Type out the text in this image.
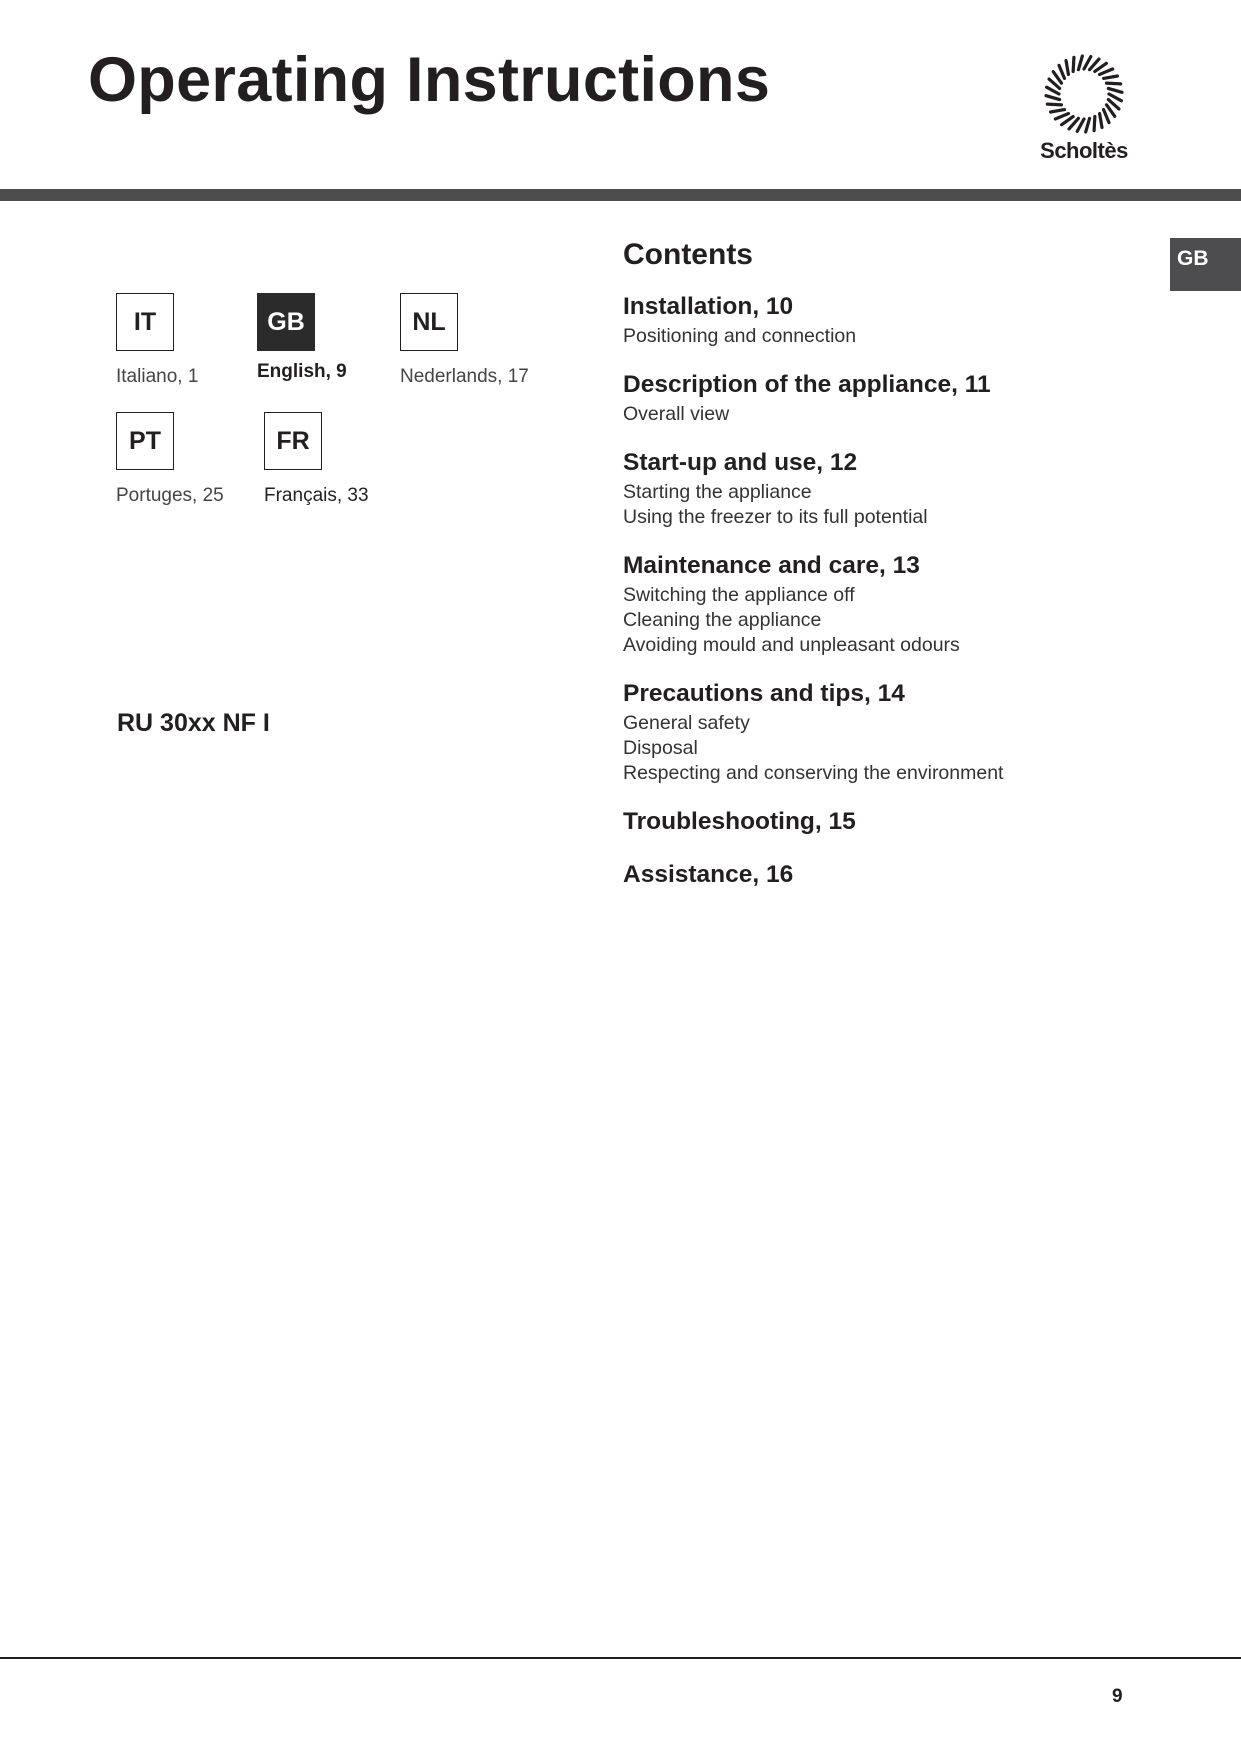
Operating Instructions
Scholtès
GB
IT
Italiano, 1
GB
English, 9
NL
Nederlands, 17
PT
Portuges, 25
FR
Français, 33
RU 30xx NF I
Contents
Installation, 10
Positioning and connection
Description of the appliance, 11
Overall view
Start-up and use, 12
Starting the appliance
Using the freezer to its full potential
Maintenance and care, 13
Switching the appliance off
Cleaning the appliance
Avoiding mould and unpleasant odours
Precautions and tips, 14
General safety
Disposal
Respecting and conserving the environment
Troubleshooting, 15
Assistance, 16
9
